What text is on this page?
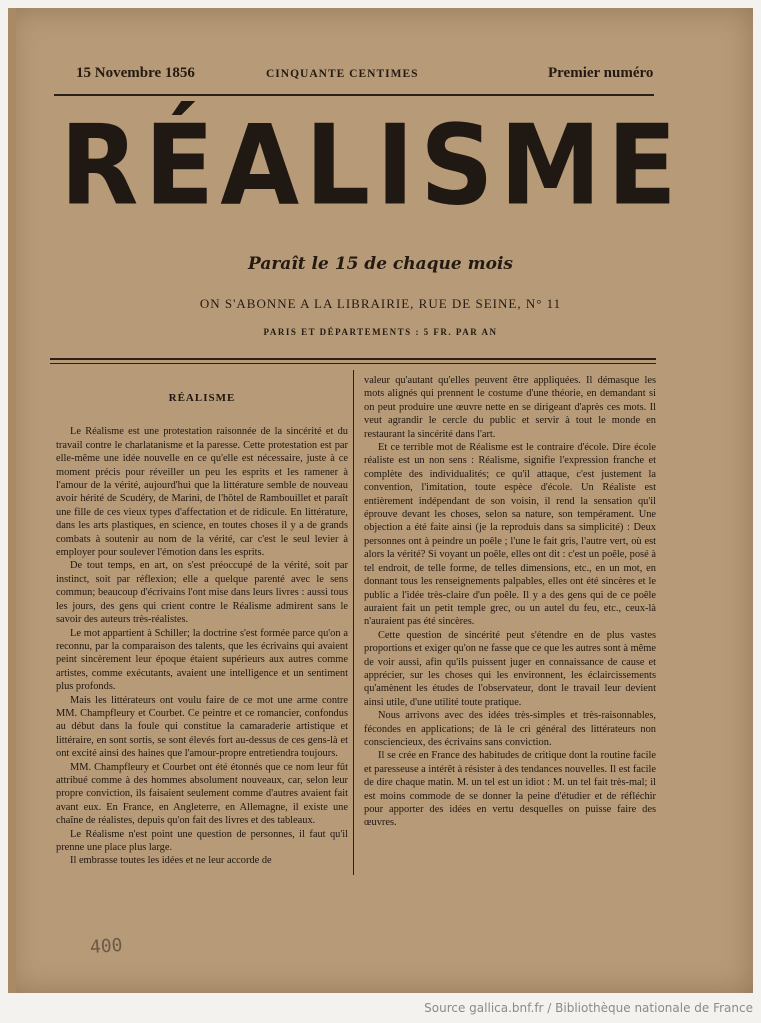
15 Novembre 1856	CINQUANTE CENTIMES	Premier numéro
RÉALISME
Paraît le 15 de chaque mois
ON S'ABONNE A LA LIBRAIRIE, RUE DE SEINE, N° 11
PARIS ET DÉPARTEMENTS : 5 FR. PAR AN

RÉALISME

Le Réalisme est une protestation raisonnée de la sincérité et du travail contre le charlatanisme et la paresse. Cette protestation est par elle-même une idée nouvelle en ce qu'elle est nécessaire, juste à ce moment précis pour réveiller un peu les esprits et les ramener à l'amour de la vérité, aujourd'hui que la littérature semble de nouveau avoir hérité de Scudéry, de Marini, de l'hôtel de Rambouillet et paraît une fille de ces vieux types d'affectation et de ridicule. En littérature, dans les arts plastiques, en science, en toutes choses il y a de grands combats à soutenir au nom de la vérité, car c'est le seul levier à employer pour soulever l'émotion dans les esprits.

De tout temps, en art, on s'est préoccupé de la vérité, soit par instinct, soit par réflexion; elle a quelque parenté avec le sens commun; beaucoup d'écrivains l'ont mise dans leurs livres : aussi tous les jours, des gens qui crient contre le Réalisme admirent sans le savoir des auteurs très-réalistes.

Le mot appartient à Schiller; la doctrine s'est formée parce qu'on a reconnu, par la comparaison des talents, que les écrivains qui avaient peint sincèrement leur époque étaient supérieurs aux autres comme artistes, comme exécutants, avaient une intelligence et un sentiment plus profonds.

Mais les littérateurs ont voulu faire de ce mot une arme contre MM. Champfleury et Courbet. Ce peintre et ce romancier, confondus au début dans la foule qui constitue la camaraderie artistique et littéraire, en sont sortis, se sont élevés fort au-dessus de ces gens-là et ont excité ainsi des haines que l'amour-propre entretiendra toujours.

MM. Champfleury et Courbet ont été étonnés que ce nom leur fût attribué comme à des hommes absolument nouveaux, car, selon leur propre conviction, ils faisaient seulement comme d'autres avaient fait avant eux. En France, en Angleterre, en Allemagne, il existe une chaîne de réalistes, depuis qu'on fait des livres et des tableaux.

Le Réalisme n'est point une question de personnes, il faut qu'il prenne une place plus large.

Il embrasse toutes les idées et ne leur accorde de

valeur qu'autant qu'elles peuvent être appliquées. Il démasque les mots alignés qui prennent le costume d'une théorie, en demandant si on peut produire une œuvre nette en se dirigeant d'après ces mots. Il veut agrandir le cercle du public et servir à tout le monde en restaurant la sincérité dans l'art.

Et ce terrible mot de Réalisme est le contraire d'école. Dire école réaliste est un non sens : Réalisme, signifie l'expression franche et complète des individualités; ce qu'il attaque, c'est justement la convention, l'imitation, toute espèce d'école. Un Réaliste est entièrement indépendant de son voisin, il rend la sensation qu'il éprouve devant les choses, selon sa nature, son tempérament. Une objection a été faite ainsi (je la reproduis dans sa simplicité) : Deux personnes ont à peindre un poêle ; l'une le fait gris, l'autre vert, où est alors la vérité? Si voyant un poêle, elles ont dit : c'est un poêle, posé à tel endroit, de telle forme, de telles dimensions, etc., en un mot, en donnant tous les renseignements palpables, elles ont été sincères et le public a l'idée très-claire d'un poêle. Il y a des gens qui de ce poêle auraient fait un petit temple grec, ou un autel du feu, etc., ceux-là n'auraient pas été sincères.

Cette question de sincérité peut s'étendre en de plus vastes proportions et exiger qu'on ne fasse que ce que les autres sont à même de voir aussi, afin qu'ils puissent juger en connaissance de cause et apprécier, sur les choses qui les environnent, les éclaircissements qu'amènent les études de l'observateur, dont le travail leur devient ainsi utile, d'une utilité toute pratique.

Nous arrivons avec des idées très-simples et très-raisonnables, fécondes en applications; de là le cri général des littérateurs non consciencieux, des écrivains sans conviction.

Il se crée en France des habitudes de critique dont la routine facile et paresseuse a intérêt à résister à des tendances nouvelles. Il est facile de dire chaque matin. M. un tel est un idiot : M. un tel fait très-mal; il est moins commode de se donner la peine d'étudier et de réfléchir pour apporter des idées en vertu desquelles on puisse faire des œuvres.

400
Source gallica.bnf.fr / Bibliothèque nationale de France
